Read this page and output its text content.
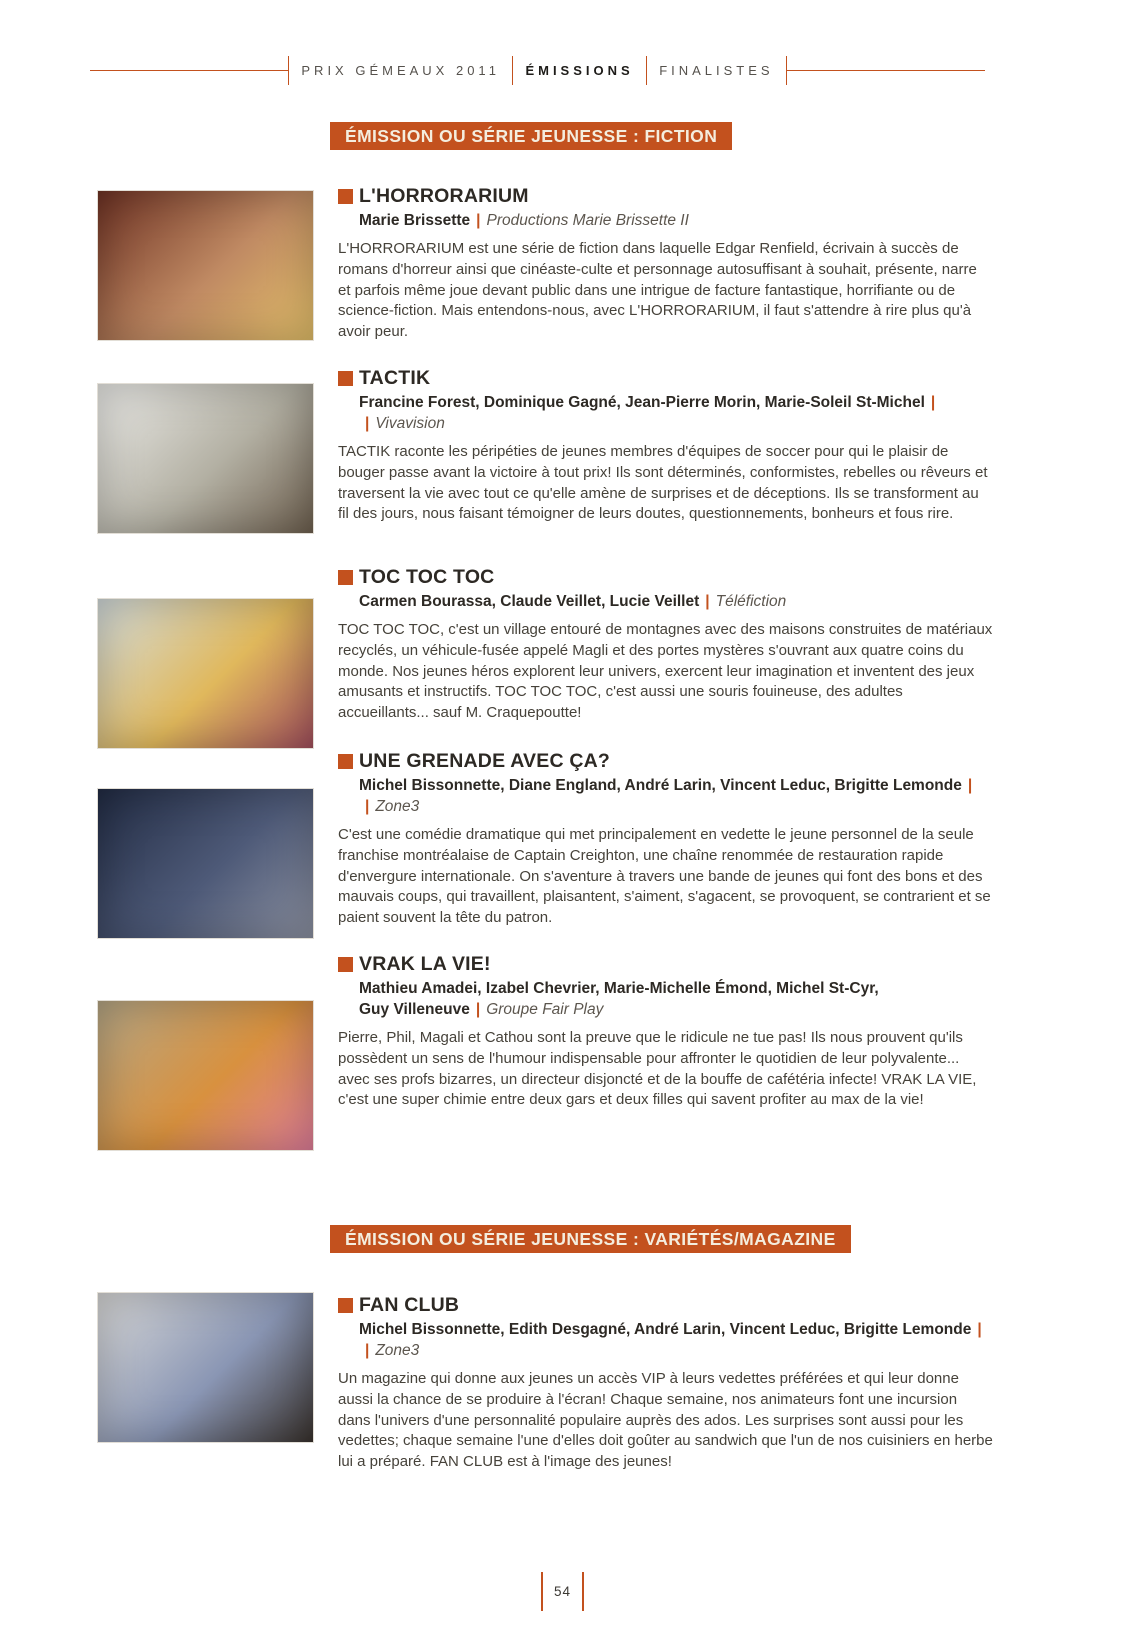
PRIX GÉMEAUX 2011 ÉMISSIONS FINALISTES
ÉMISSION OU SÉRIE JEUNESSE : FICTION
L'HORRORARIUM
Marie Brissette | Productions Marie Brissette II

L'HORRORARIUM est une série de fiction dans laquelle Edgar Renfield, écrivain à succès de romans d'horreur ainsi que cinéaste-culte et personnage autosuffisant à souhait, présente, narre et parfois même joue devant public dans une intrigue de facture fantastique, horrifiante ou de science-fiction. Mais entendons-nous, avec L'HORRORARIUM, il faut s'attendre à rire plus qu'à avoir peur.

TACTIK
Francine Forest, Dominique Gagné, Jean-Pierre Morin, Marie-Soleil St-Michel |
| Vivavision

TACTIK raconte les péripéties de jeunes membres d'équipes de soccer pour qui le plaisir de bouger passe avant la victoire à tout prix! Ils sont déterminés, conformistes, rebelles ou rêveurs et traversent la vie avec tout ce qu'elle amène de surprises et de déceptions. Ils se transforment au fil des jours, nous faisant témoigner de leurs doutes, questionnements, bonheurs et fous rire.

TOC TOC TOC
Carmen Bourassa, Claude Veillet, Lucie Veillet | Téléfiction

TOC TOC TOC, c'est un village entouré de montagnes avec des maisons construites de matériaux recyclés, un véhicule-fusée appelé Magli et des portes mystères s'ouvrant aux quatre coins du monde. Nos jeunes héros explorent leur univers, exercent leur imagination et inventent des jeux amusants et instructifs. TOC TOC TOC, c'est aussi une souris fouineuse, des adultes accueillants... sauf M. Craquepoutte!

UNE GRENADE AVEC ÇA?
Michel Bissonnette, Diane England, André Larin, Vincent Leduc, Brigitte Lemonde |
| Zone3

C'est une comédie dramatique qui met principalement en vedette le jeune personnel de la seule franchise montréalaise de Captain Creighton, une chaîne renommée de restauration rapide d'envergure internationale. On s'aventure à travers une bande de jeunes qui font des bons et des mauvais coups, qui travaillent, plaisantent, s'aiment, s'agacent, se provoquent, se contrarient et se paient souvent la tête du patron.

VRAK LA VIE!
Mathieu Amadei, Izabel Chevrier, Marie-Michelle Émond, Michel St-Cyr,
Guy Villeneuve | Groupe Fair Play

Pierre, Phil, Magali et Cathou sont la preuve que le ridicule ne tue pas! Ils nous prouvent qu'ils possèdent un sens de l'humour indispensable pour affronter le quotidien de leur polyvalente... avec ses profs bizarres, un directeur disjoncté et de la bouffe de cafétéria infecte! VRAK LA VIE, c'est une super chimie entre deux gars et deux filles qui savent profiter au max de la vie!

FAN CLUB
Michel Bissonnette, Edith Desgagné, André Larin, Vincent Leduc, Brigitte Lemonde |
| Zone3

Un magazine qui donne aux jeunes un accès VIP à leurs vedettes préférées et qui leur donne aussi la chance de se produire à l'écran! Chaque semaine, nos animateurs font une incursion dans l'univers d'une personnalité populaire auprès des ados. Les surprises sont aussi pour les vedettes; chaque semaine l'une d'elles doit goûter au sandwich que l'un de nos cuisiniers en herbe lui a préparé. FAN CLUB est à l'image des jeunes!

ÉMISSION OU SÉRIE JEUNESSE : VARIÉTÉS/MAGAZINE
54
